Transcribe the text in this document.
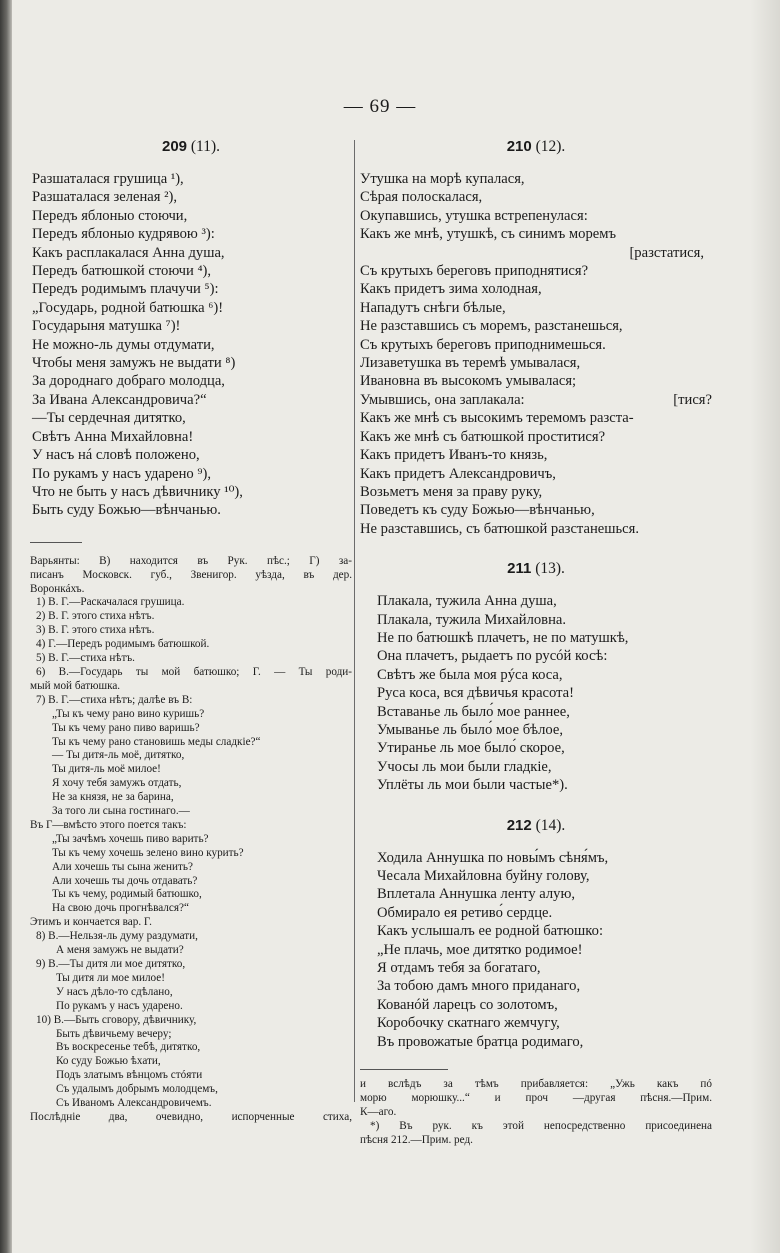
— 69 —
209 (11).
Разшаталася грушица ¹),
Разшаталася зеленая ²),
Передъ яблоныо стоючи,
Передъ яблоныо кудрявою ³):
Какъ расплакалася Анна душа,
Передъ батюшкой стоючи ⁴),
Передъ родимымъ плачучи ⁵):
„Государь, родной батюшка ⁶)!
Государыня матушка ⁷)!
Не можно-ль думы отдумати,
Чтобы меня замужъ не выдати ⁸)
За дороднаго добраго молодца,
За Ивана Александровича?“
—Ты сердечная дитятко,
Свѣтъ Анна Михайловна!
У насъ нá словѣ положено,
По рукамъ у насъ ударено ⁹),
Что не быть у насъ дѣвичнику ¹⁰),
Быть суду Божью—вѣнчанью.
Варьянты: В) находится въ Рук. пѣс.; Г) за-
писанъ Московск. губ., Звенигор. уѣзда, въ дер.
Воронкáхъ.
1) В. Г.—Раскачалася грушица.
2) В. Г. этого стиха нѣтъ.
3) В. Г. этого стиха нѣтъ.
4) Г.—Передъ родимымъ батюшкой.
5) В. Г.—стиха нѣтъ.
6) В.—Государь ты мой батюшко; Г. — Ты роди-
мый мой батюшка.
7) В. Г.—стиха нѣтъ; далѣе въ В:
„Ты къ чему рано вино куришь?
Ты къ чему рано пиво варишь?
Ты къ чему рано становишь меды сладкіе?“
— Ты дитя-ль моё, дитятко,
Ты дитя-ль моё милое!
Я хочу тебя замужъ отдать,
Не за князя, не за барина,
За того ли сына гостинаго.—
Въ Г—вмѣсто этого поется такъ:
„Ты зачѣмъ хочешь пиво варить?
Ты къ чему хочешь зелено вино курить?
Али хочешь ты сына женить?
Али хочешь ты дочь отдавать?
Ты къ чему, родимый батюшко,
На свою дочь прогнѣвался?“
Этимъ и кончается вар. Г.
8) В.—Нельзя-ль думу раздумати,
А меня замужъ не выдати?
9) В.—Ты дитя ли мое дитятко,
Ты дитя ли мое милое!
У насъ дѣло-то сдѣлано,
По рукамъ у насъ ударено.
10) В.—Быть сговору, дѣвичнику,
Быть дѣвичьему вечеру;
Въ воскресенье тебѣ, дитятко,
Ко суду Божью ѣхати,
Подъ златымъ вѣнцомъ стóяти
Съ удалымъ добрымъ молодцемъ,
Съ Иваномъ Александровичемъ.
Послѣдніе два, очевидно, испорченные стиха,
210 (12).
Утушка на морѣ купалася,
Сѣрая полоскалася,
Окупавшись, утушка встрепенулася:
Какъ же мнѣ, утушкѣ, съ синимъ моремъ
[разстатися,
Съ крутыхъ береговъ приподнятися?
Какъ придетъ зима холодная,
Нападутъ снѣги бѣлые,
Не разставшись съ моремъ, разстанешься,
Съ крутыхъ береговъ приподнимешься.
Лизаветушка въ теремѣ умывалася,
Ивановна въ высокомъ умывалася;
Умывшись, она заплакала:	[тися?
Какъ же мнѣ съ высокимъ теремомъ разста-
Какъ же мнѣ съ батюшкой проститися?
Какъ придетъ Иванъ-то князь,
Какъ придетъ Александровичъ,
Возьметъ меня за праву руку,
Поведетъ къ суду Божью—вѣнчанью,
Не разставшись, съ батюшкой разстанешься.
211 (13).
Плакала, тужила Анна душа,
Плакала, тужила Михайловна.
Не по батюшкѣ плачетъ, не по матушкѣ,
Она плачетъ, рыдаетъ по русóй косѣ:
Свѣтъ же была моя рýса коса,
Руса коса, вся дѣвичья красота!
Вставанье ль было́ мое раннее,
Умыванье ль было́ мое бѣлое,
Утиранье ль мое было́ скорое,
Учосы ль мои были гладкіе,
Уплёты ль мои были частые*).
212 (14).
Ходила Аннушка по новы́мъ сѣня́мъ,
Чесала Михайловна буйну голову,
Вплетала Аннушка ленту алую,
Обмирало ея ретиво́ сердце.
Какъ услышалъ ее родной батюшко:
„Не плачь, мое дитятко родимое!
Я отдамъ тебя за богатаго,
За тобою дамъ много приданаго,
Кованóй ларецъ со золотомъ,
Коробочку скатнаго жемчугу,
Въ провожатые братца родимаго,
и вслѣдъ за тѣмъ прибавляется: „Ужь какъ пó
морю морюшку...“ и проч —другая пѣсня.—Прим.
К—аго.
*) Въ рук. къ этой непосредственно присоединена
пѣсня 212.—Прим. ред.
